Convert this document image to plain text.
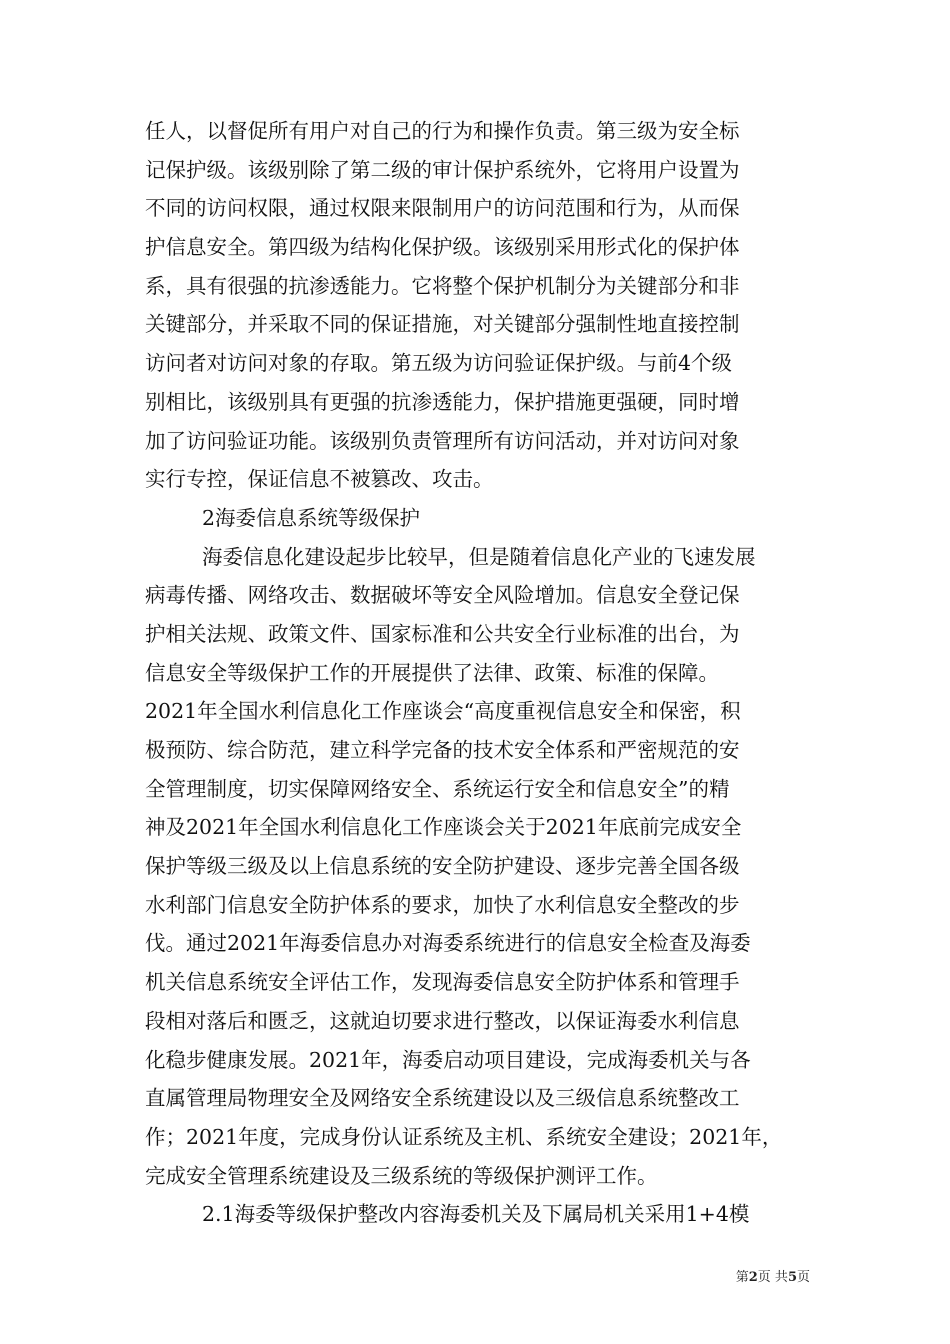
任人，以督促所有用户对自己的行为和操作负责。第三级为安全标
记保护级。该级别除了第二级的审计保护系统外，它将用户设置为
不同的访问权限，通过权限来限制用户的访问范围和行为，从而保
护信息安全。第四级为结构化保护级。该级别采用形式化的保护体
系，具有很强的抗渗透能力。它将整个保护机制分为关键部分和非
关键部分，并采取不同的保证措施，对关键部分强制性地直接控制
访问者对访问对象的存取。第五级为访问验证保护级。与前4个级
别相比，该级别具有更强的抗渗透能力，保护措施更强硬，同时增
加了访问验证功能。该级别负责管理所有访问活动，并对访问对象
实行专控，保证信息不被篡改、攻击。
2海委信息系统等级保护
海委信息化建设起步比较早，但是随着信息化产业的飞速发展
病毒传播、网络攻击、数据破坏等安全风险增加。信息安全登记保
护相关法规、政策文件、国家标准和公共安全行业标准的出台，为
信息安全等级保护工作的开展提供了法律、政策、标准的保障。
2021年全国水利信息化工作座谈会“高度重视信息安全和保密，积
极预防、综合防范，建立科学完备的技术安全体系和严密规范的安
全管理制度，切实保障网络安全、系统运行安全和信息安全”的精
神及2021年全国水利信息化工作座谈会关于2021年底前完成安全
保护等级三级及以上信息系统的安全防护建设、逐步完善全国各级
水利部门信息安全防护体系的要求，加快了水利信息安全整改的步
伐。通过2021年海委信息办对海委系统进行的信息安全检查及海委
机关信息系统安全评估工作，发现海委信息安全防护体系和管理手
段相对落后和匮乏，这就迫切要求进行整改，以保证海委水利信息
化稳步健康发展。2021年，海委启动项目建设，完成海委机关与各
直属管理局物理安全及网络安全系统建设以及三级信息系统整改工
作；2021年度，完成身份认证系统及主机、系统安全建设；2021年，
完成安全管理系统建设及三级系统的等级保护测评工作。
2.1海委等级保护整改内容海委机关及下属局机关采用1+4模
第2页 共5页
